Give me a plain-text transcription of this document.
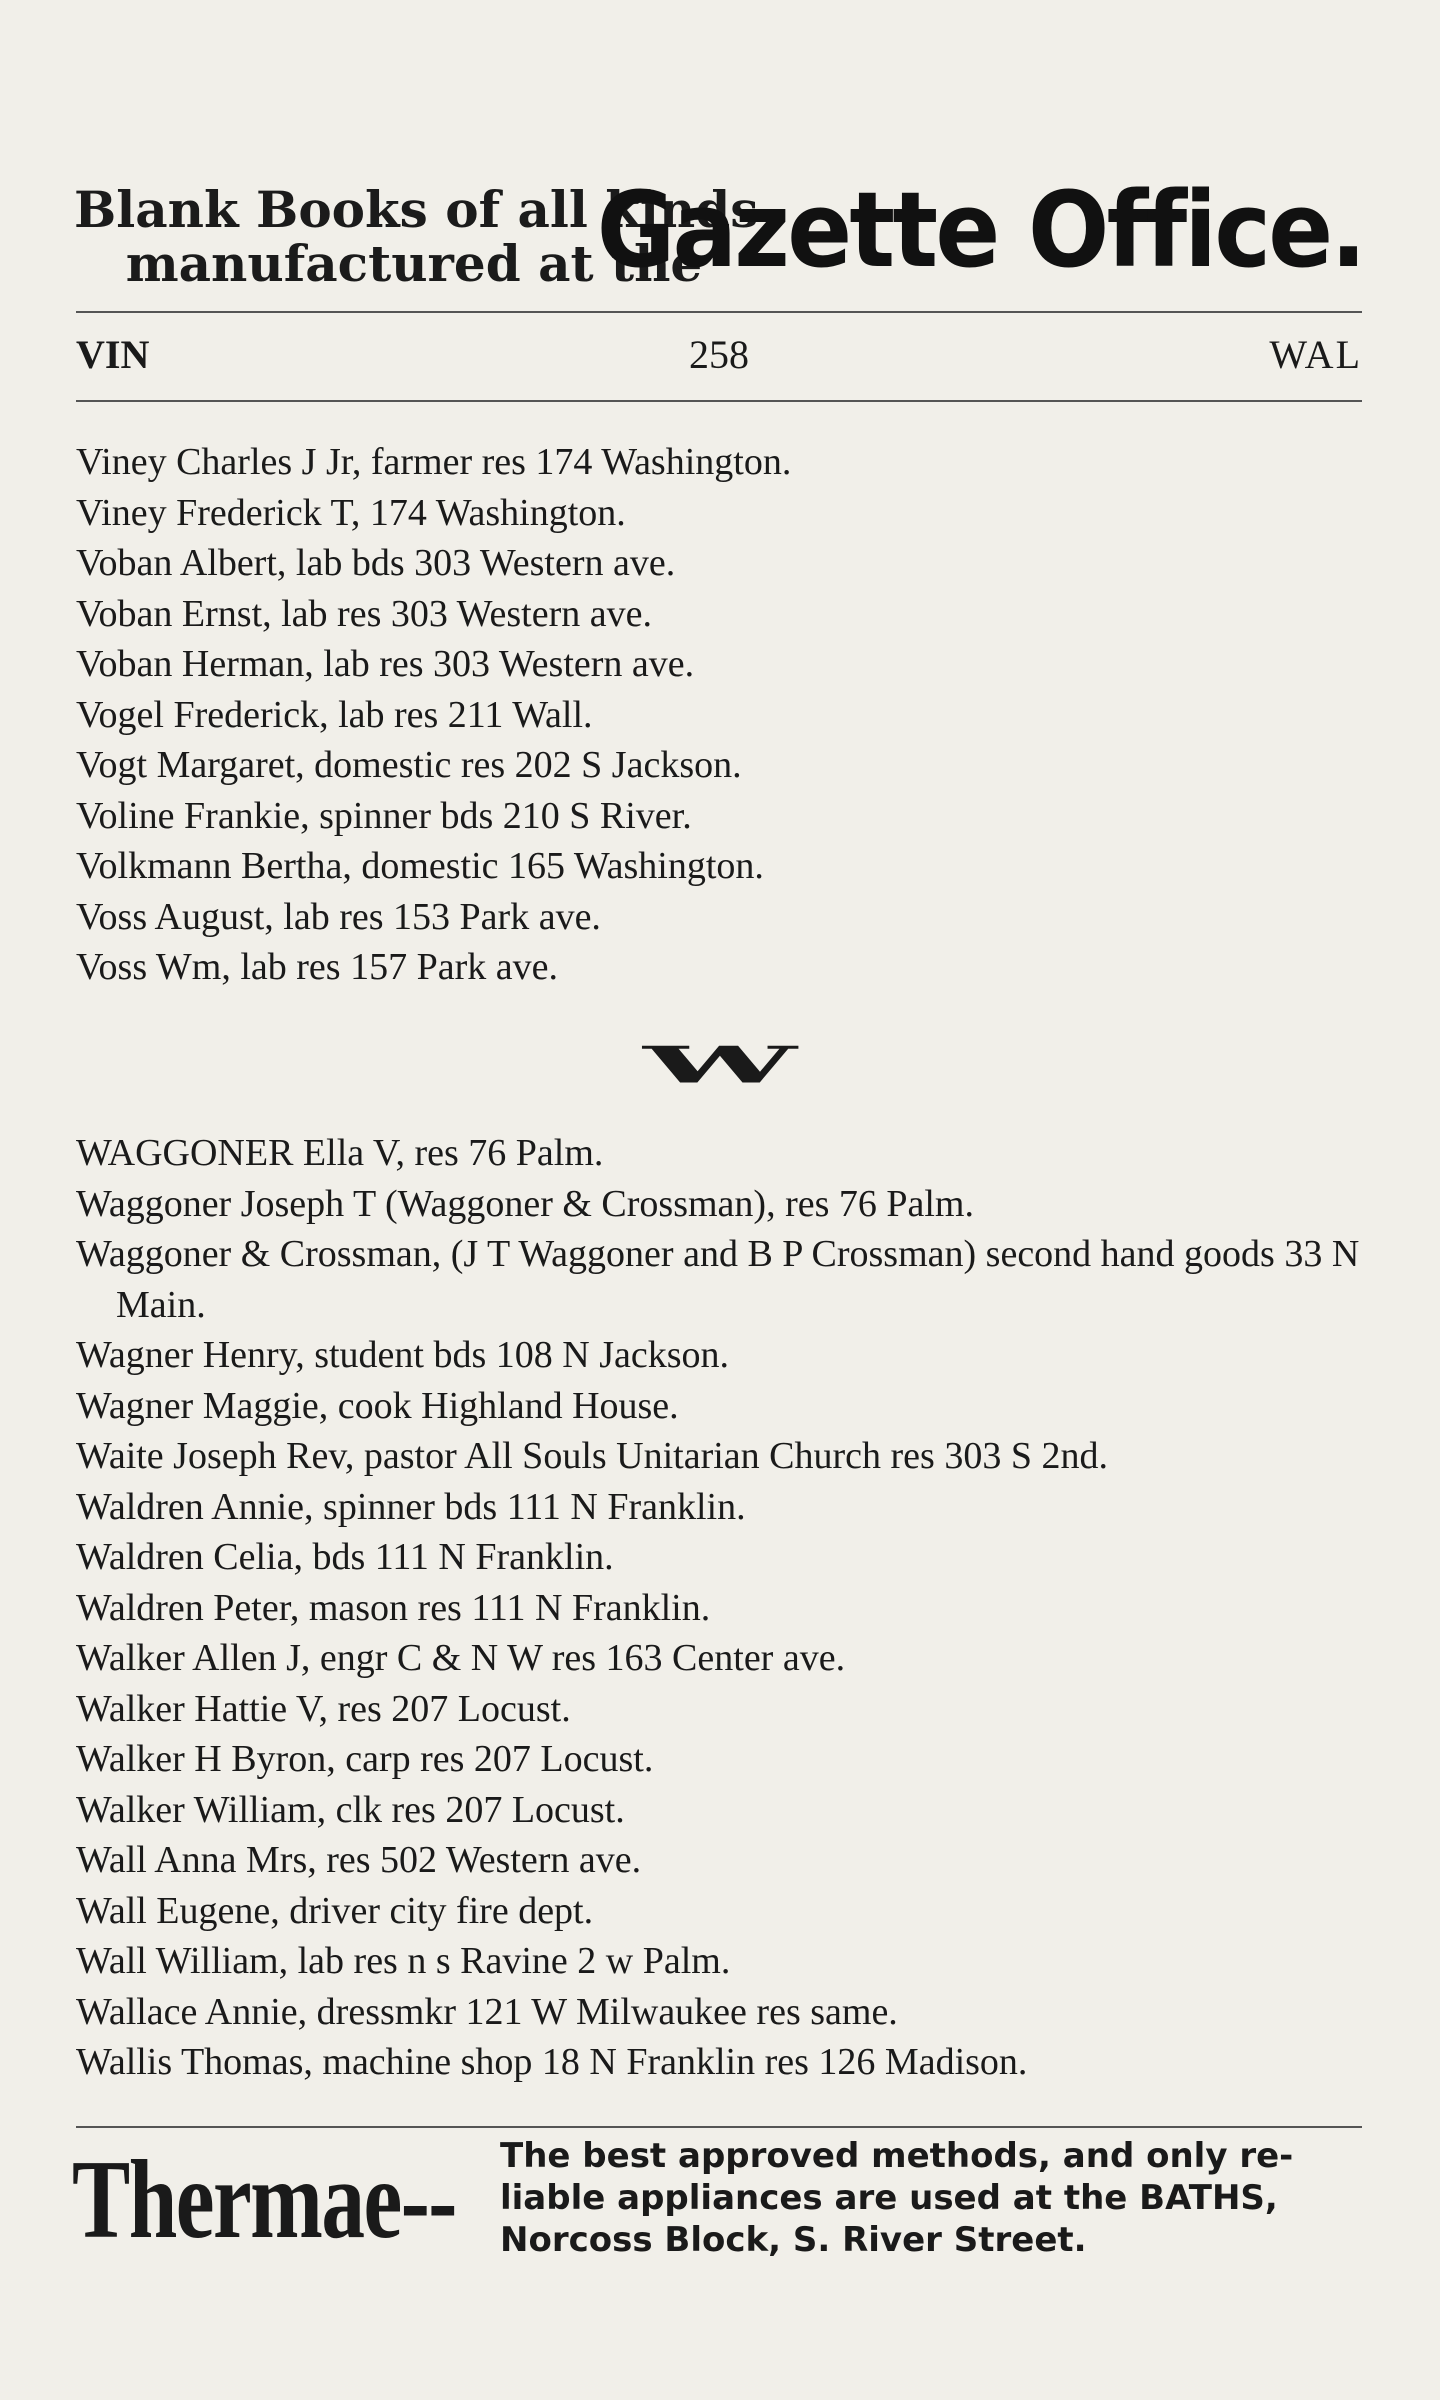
Blank Books of all kinds
manufactured at the
Gazette Office.
VIN	258	WAL
Viney Charles J Jr, farmer res 174 Washington.
Viney Frederick T, 174 Washington.
Voban Albert, lab bds 303 Western ave.
Voban Ernst, lab res 303 Western ave.
Voban Herman, lab res 303 Western ave.
Vogel Frederick, lab res 211 Wall.
Vogt Margaret, domestic res 202 S Jackson.
Voline Frankie, spinner bds 210 S River.
Volkmann Bertha, domestic 165 Washington.
Voss August, lab res 153 Park ave.
Voss Wm, lab res 157 Park ave.
W
WAGGONER Ella V, res 76 Palm.
Waggoner Joseph T (Waggoner & Crossman), res 76 Palm.
Waggoner & Crossman, (J T Waggoner and B P Crossman) second hand goods 33 N Main.
Wagner Henry, student bds 108 N Jackson.
Wagner Maggie, cook Highland House.
Waite Joseph Rev, pastor All Souls Unitarian Church res 303 S 2nd.
Waldren Annie, spinner bds 111 N Franklin.
Waldren Celia, bds 111 N Franklin.
Waldren Peter, mason res 111 N Franklin.
Walker Allen J, engr C & N W res 163 Center ave.
Walker Hattie V, res 207 Locust.
Walker H Byron, carp res 207 Locust.
Walker William, clk res 207 Locust.
Wall Anna Mrs, res 502 Western ave.
Wall Eugene, driver city fire dept.
Wall William, lab res n s Ravine 2 w Palm.
Wallace Annie, dressmkr 121 W Milwaukee res same.
Wallis Thomas, machine shop 18 N Franklin res 126 Madison.
Thermae-- The best approved methods, and only re-
liable appliances are used at the BATHS,
Norcoss Block, S. River Street.
